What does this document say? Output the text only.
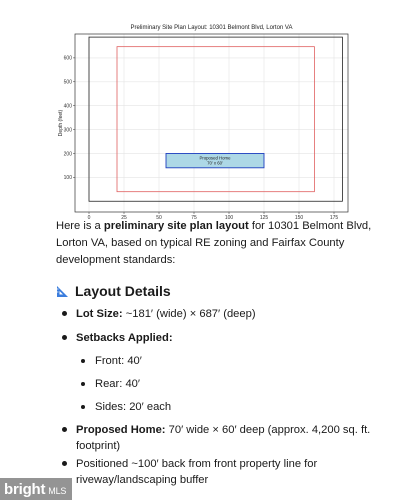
Proposed Home
70' x 60'
0	25	50	75	100	125	150	175
100
200
300
400
500
600
Preliminary Site Plan Layout: 10301 Belmont Blvd, Lorton VA
Depth (feet)

Here is a preliminary site plan layout for 10301 Belmont Blvd, Lorton VA, based on typical RE zoning and Fairfax County development standards:

Layout Details
Lot Size: ~181′ (wide) × 687′ (deep)
Setbacks Applied:
Front: 40′
Rear: 40′
Sides: 20′ each
Proposed Home: 70′ wide × 60′ deep (approx. 4,200 sq. ft.
footprint)
Positioned ~100′ back from front property line for
riveway/landscaping buffer
bright MLS
